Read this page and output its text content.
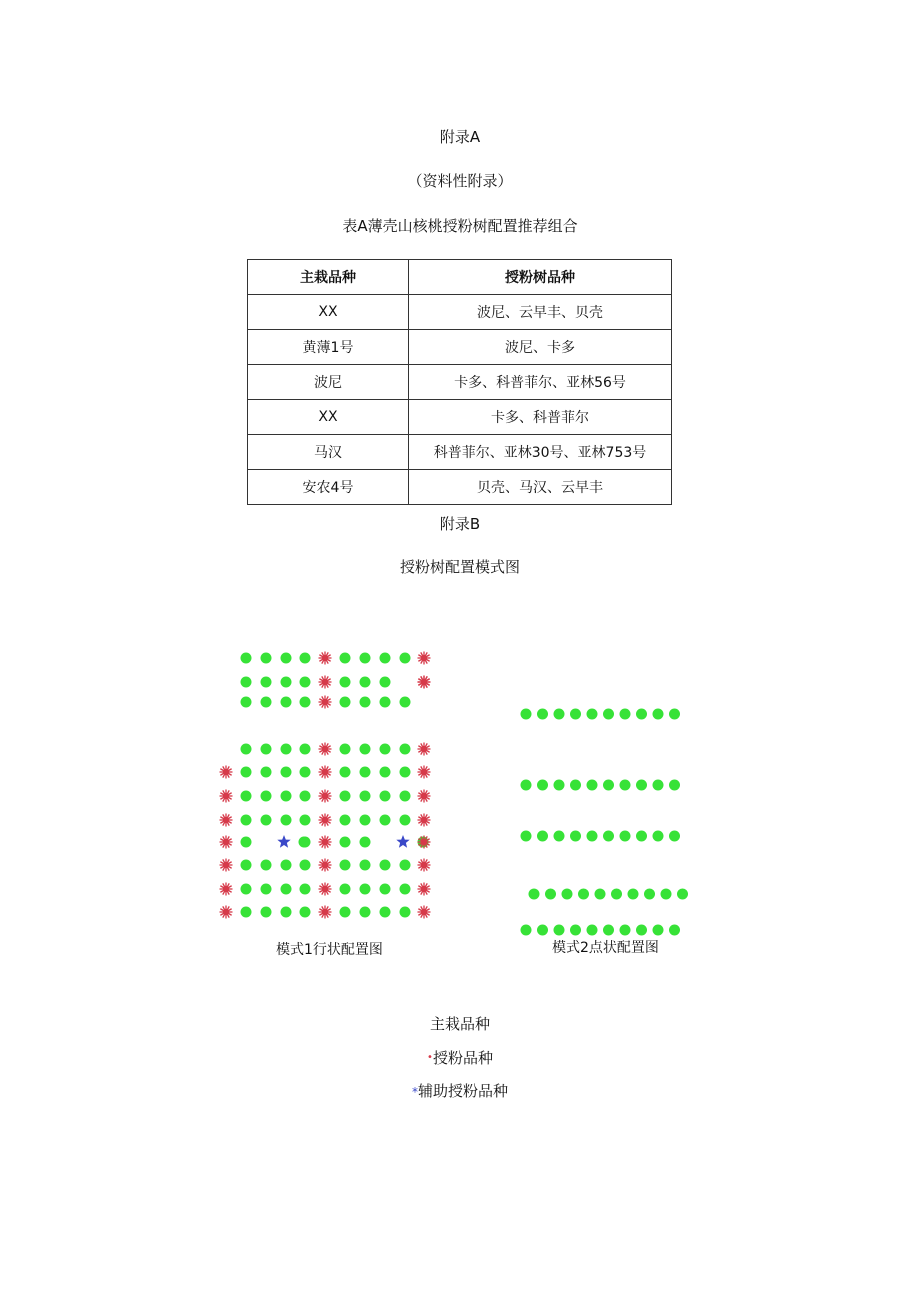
附录A
（资料性附录）
表A薄壳山核桃授粉树配置推荐组合
主栽品种	授粉树品种
XX	波尼、云早丰、贝壳
黄薄1号	波尼、卡多
波尼	卡多、科普菲尔、亚林56号
XX	卡多、科普菲尔
马汉	科普菲尔、亚林30号、亚林753号
安农4号	贝壳、马汉、云早丰
附录B
授粉树配置模式图
模式1行状配置图	模式2点状配置图
主栽品种
•授粉品种
*辅助授粉品种
